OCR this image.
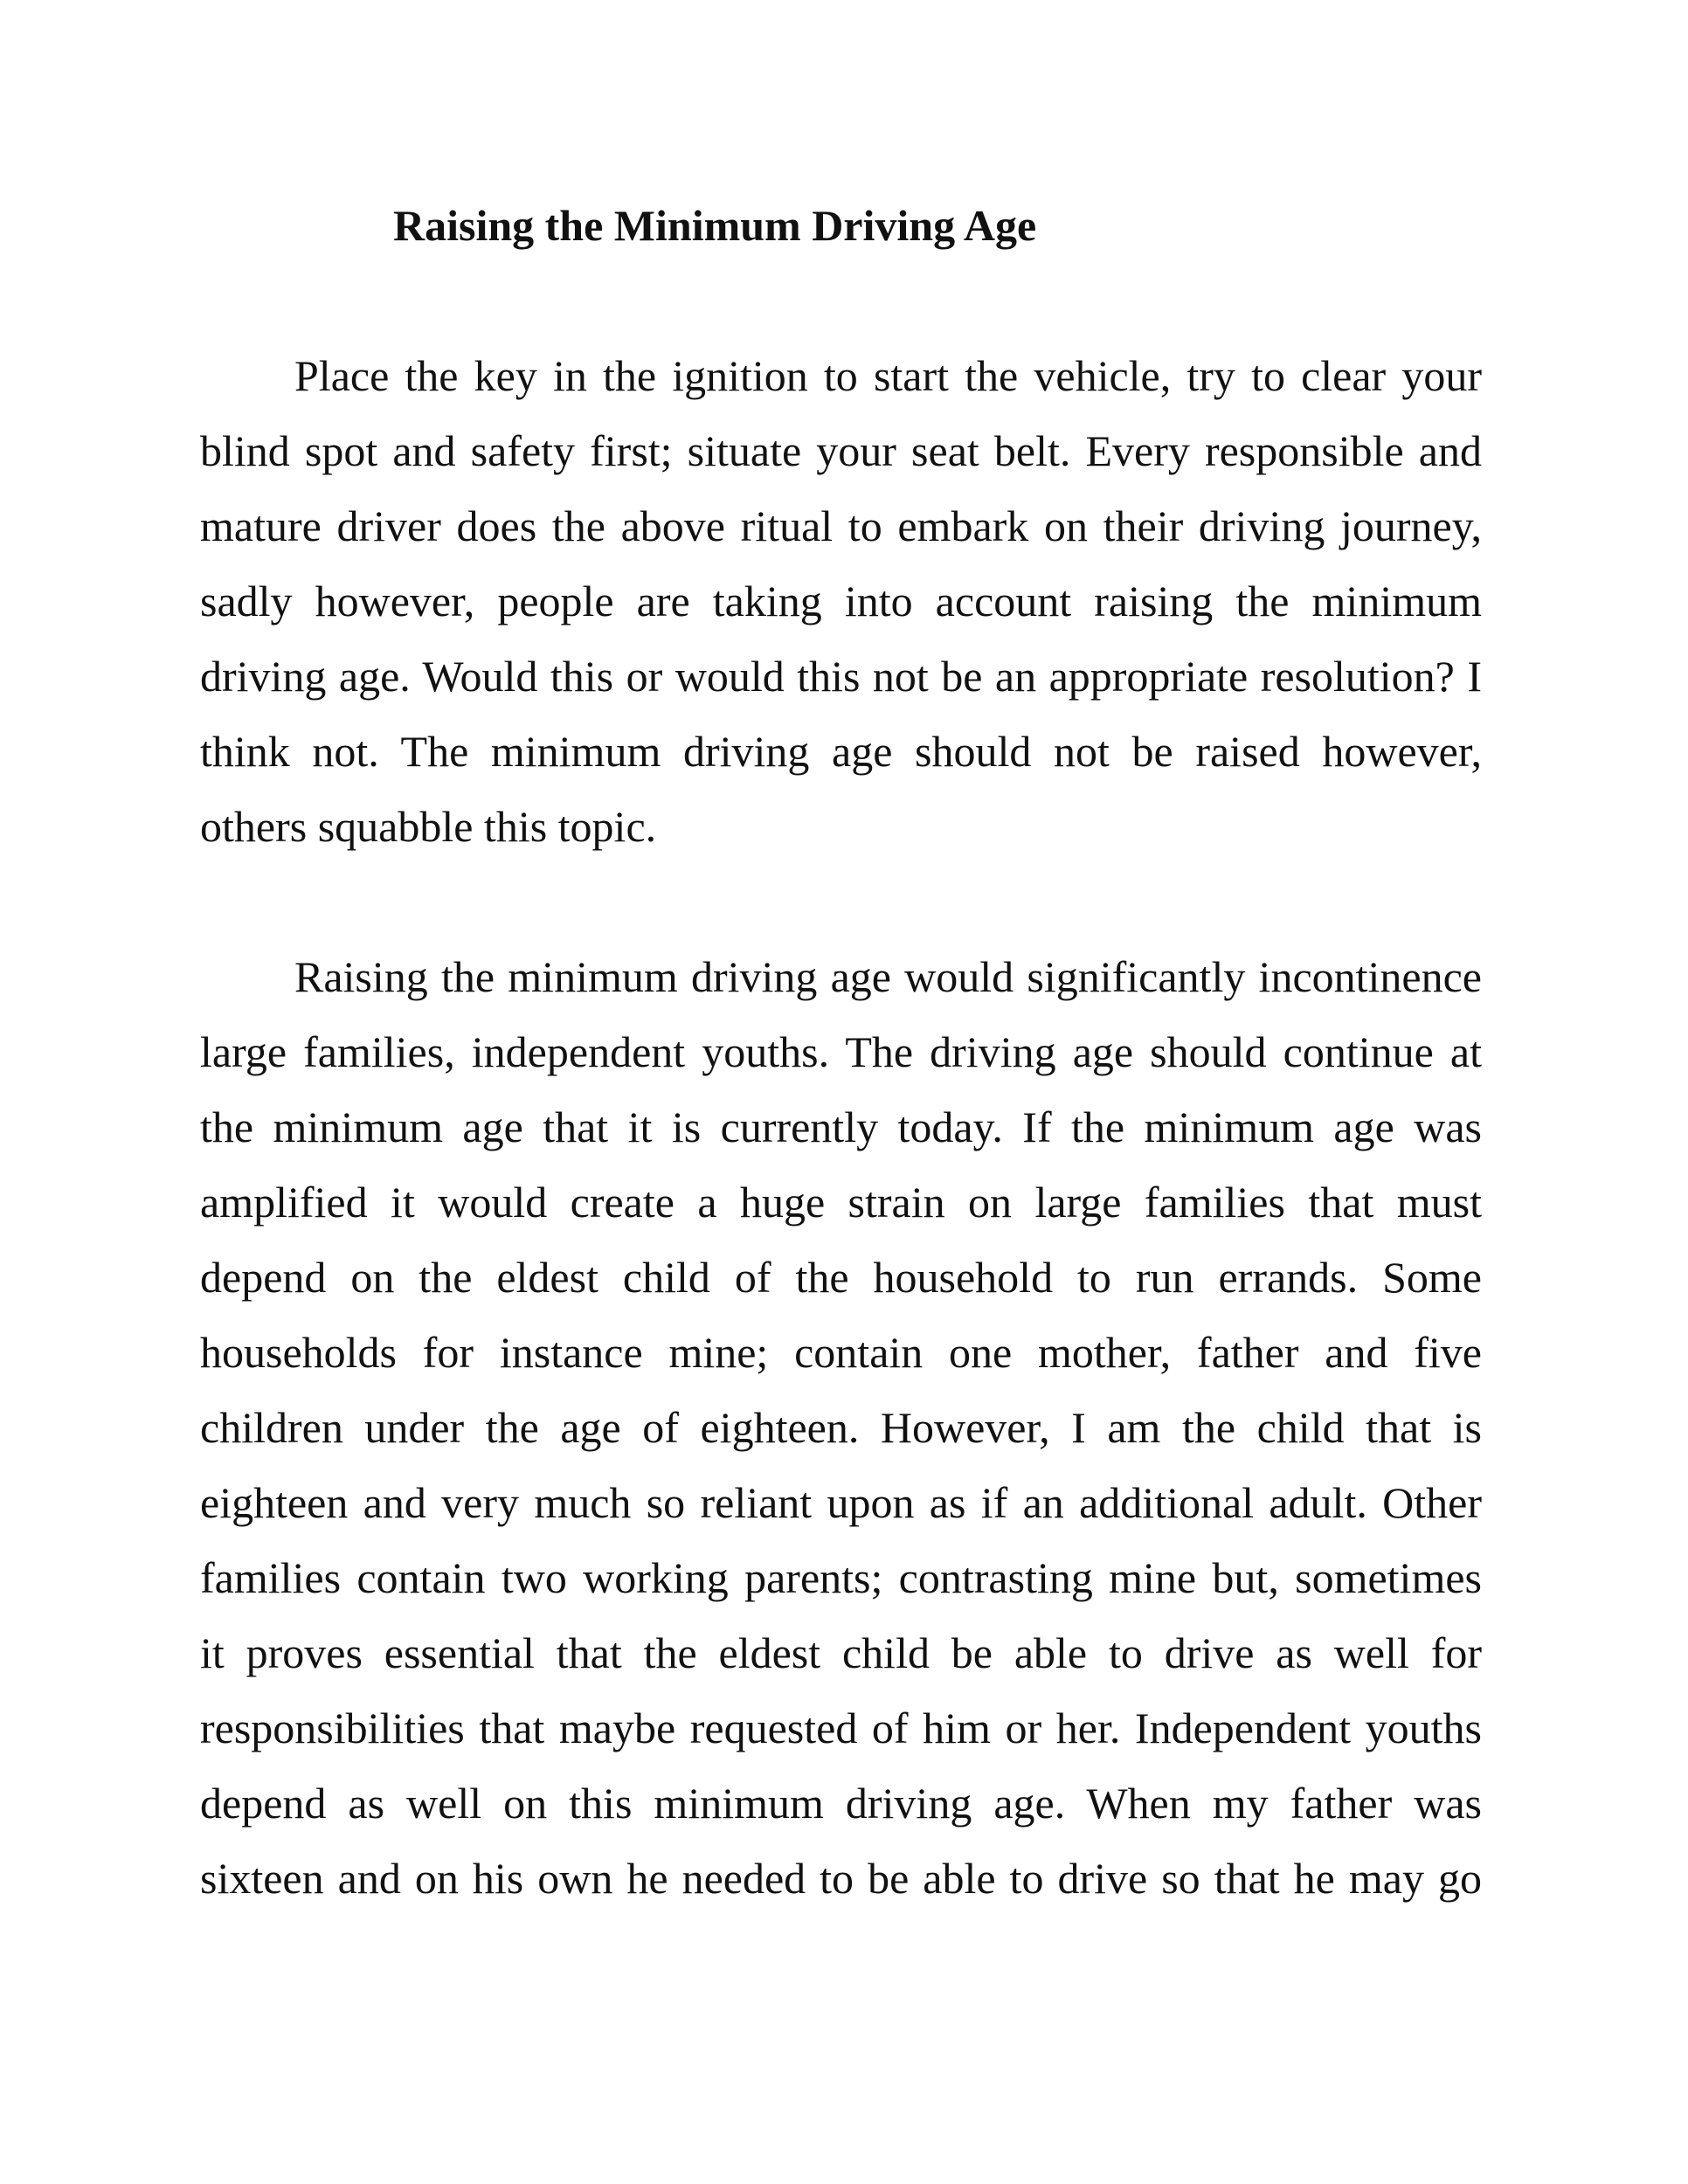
Raising the Minimum Driving Age

Place the key in the ignition to start the vehicle, try to clear your

blind spot and safety first; situate your seat belt. Every responsible and

mature driver does the above ritual to embark on their driving journey,

sadly however, people are taking into account raising the minimum

driving age. Would this or would this not be an appropriate resolution? I

think not. The minimum driving age should not be raised however,

others squabble this topic.

Raising the minimum driving age would significantly incontinence

large families, independent youths. The driving age should continue at

the minimum age that it is currently today. If the minimum age was

amplified it would create a huge strain on large families that must

depend on the eldest child of the household to run errands. Some

households for instance mine; contain one mother, father and five

children under the age of eighteen. However, I am the child that is

eighteen and very much so reliant upon as if an additional adult. Other

families contain two working parents; contrasting mine but, sometimes

it proves essential that the eldest child be able to drive as well for

responsibilities that maybe requested of him or her. Independent youths

depend as well on this minimum driving age. When my father was

sixteen and on his own he needed to be able to drive so that he may go
